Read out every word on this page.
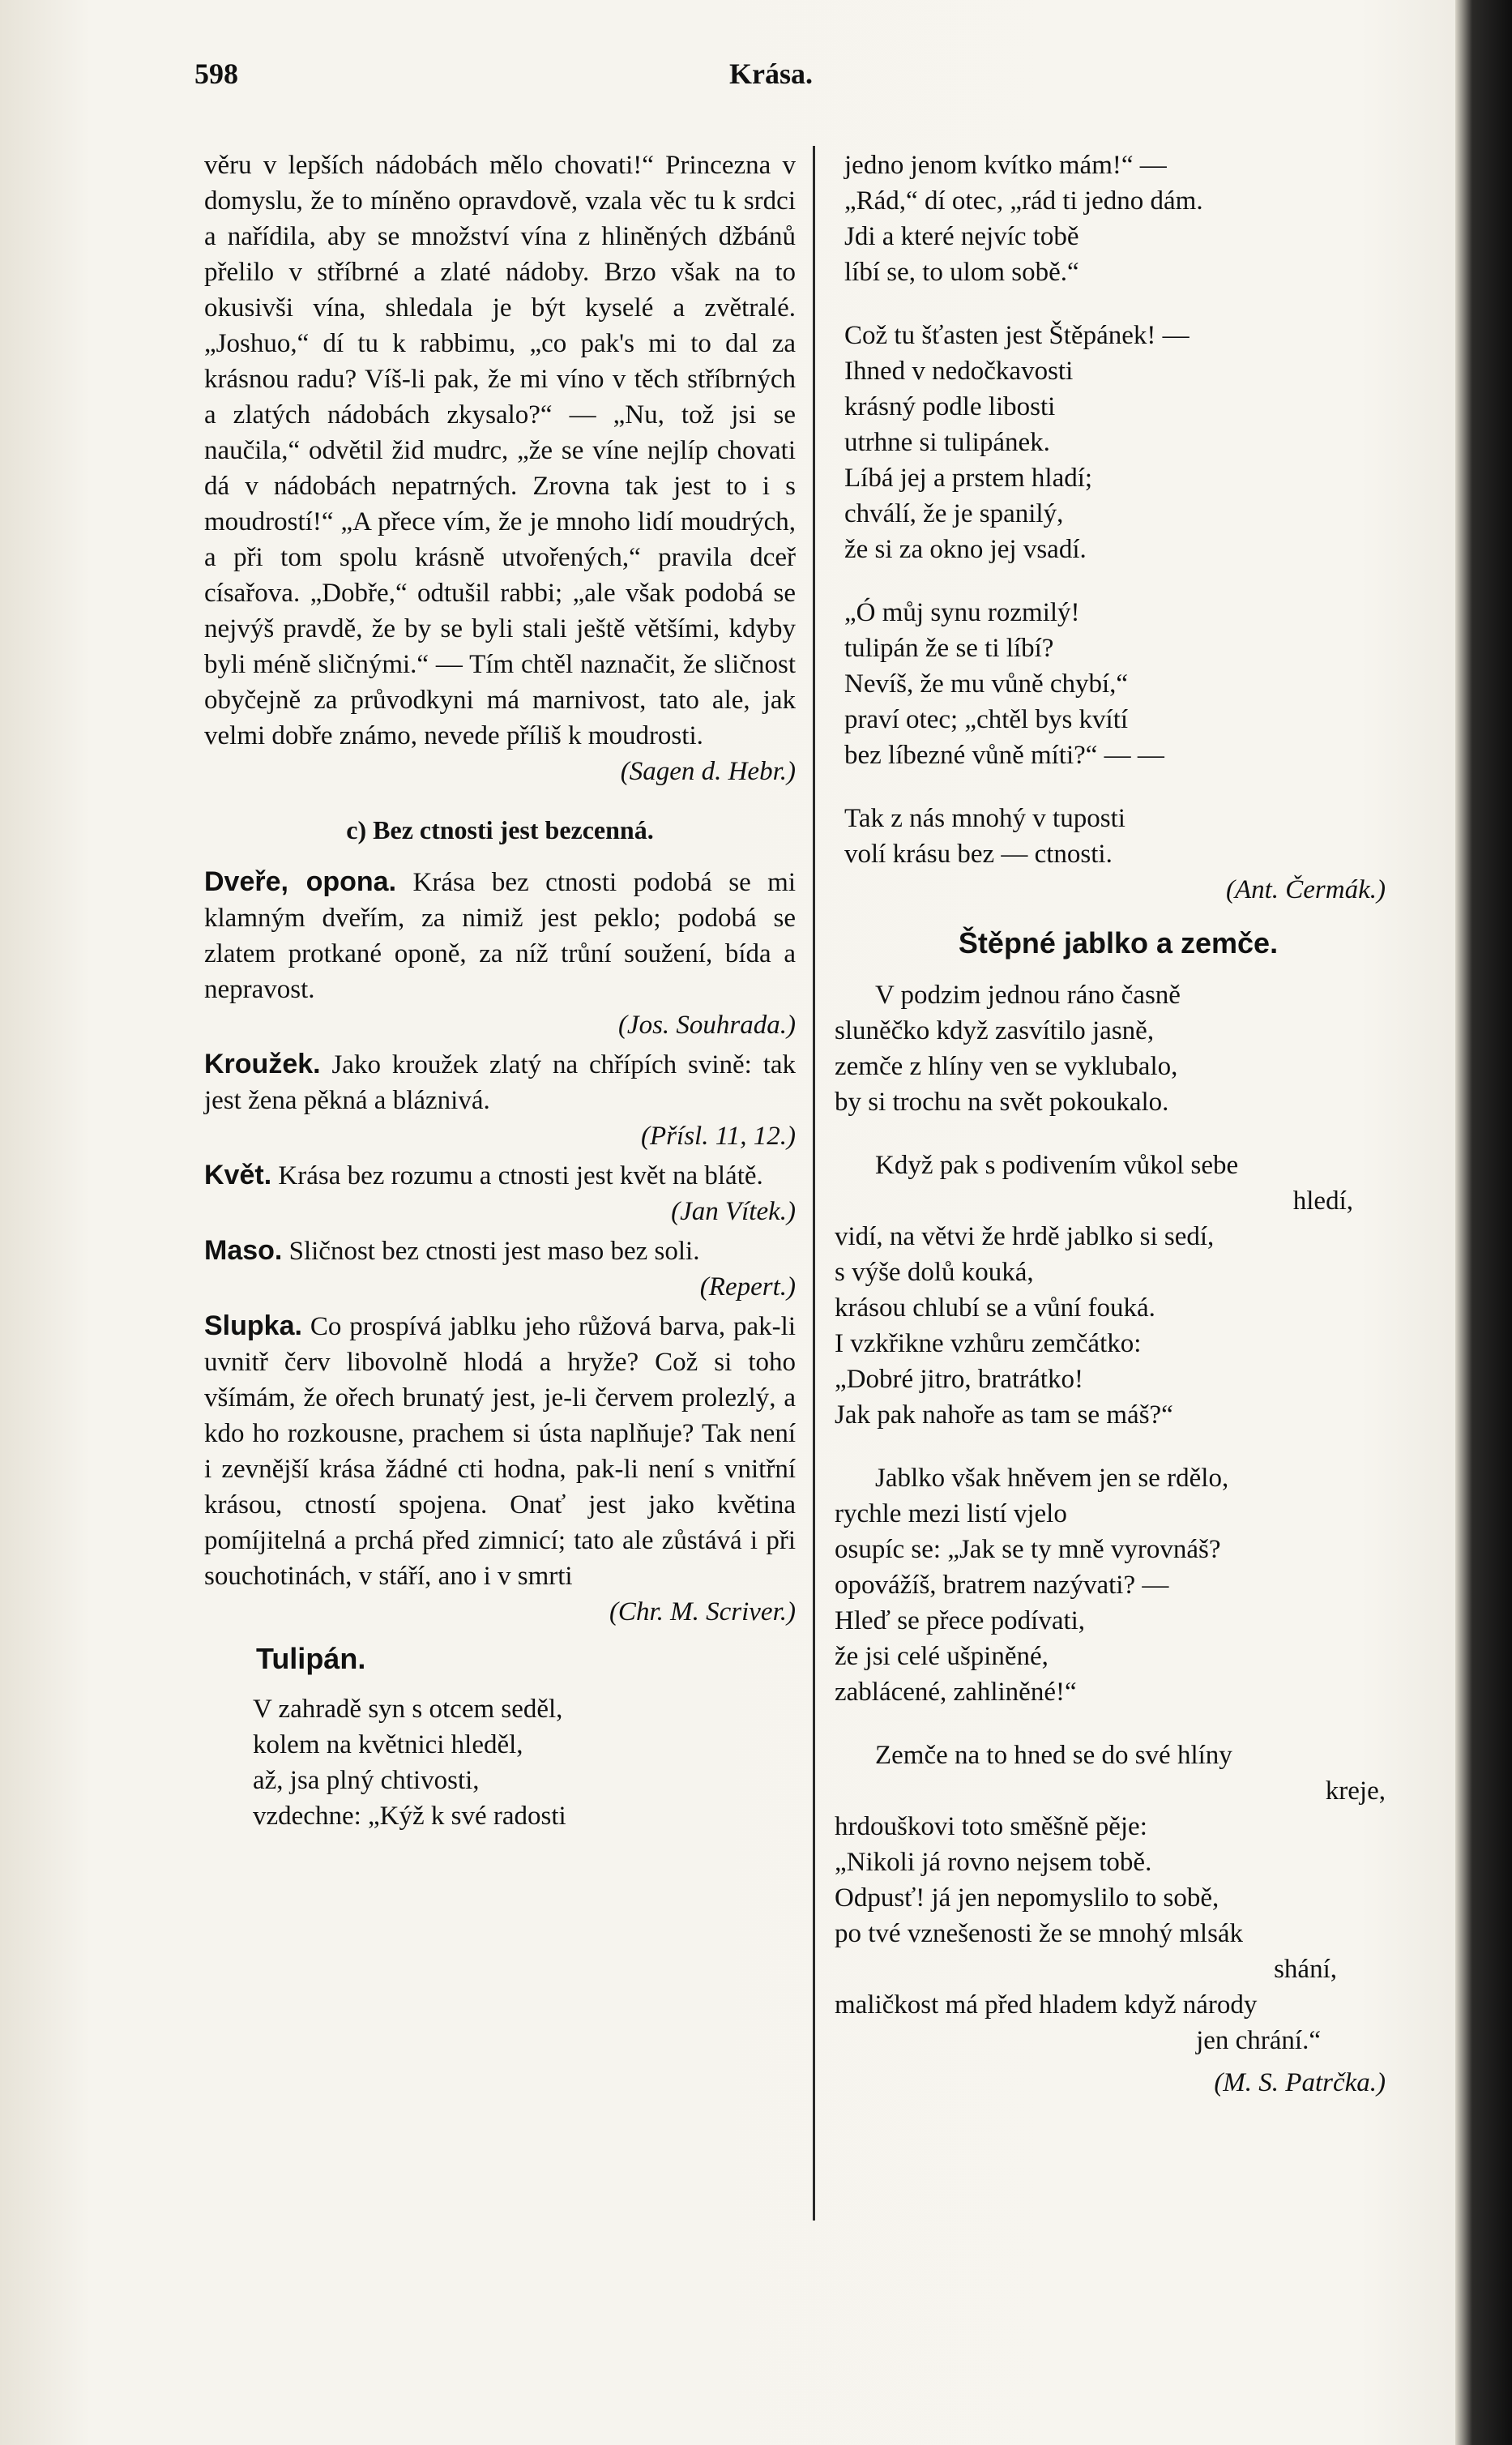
598	Krása.

věru v lepších nádobách mělo chovati!“ Princezna v domyslu, že to míněno opravdově, vzala věc tu k srdci a nařídila, aby se množství vína z hliněných džbánů přelilo v stříbrné a zlaté nádoby. Brzo však na to okusivši vína, shledala je být kyselé a zvětralé. „Joshuo,“ dí tu k rabbimu, „co pak's mi to dal za krásnou radu? Víš-li pak, že mi víno v těch stříbrných a zlatých nádobách zkysalo?“ — „Nu, tož jsi se naučila,“ odvětil žid mudrc, „že se víne nejlíp chovati dá v nádobách nepatrných. Zrovna tak jest to i s moudrostí!“ „A přece vím, že je mnoho lidí moudrých, a při tom spolu krásně utvořených,“ pravila dceř císařova. „Dobře,“ odtušil rabbi; „ale však podobá se nejvýš pravdě, že by se byli stali ještě většími, kdyby byli méně sličnými.“ — Tím chtěl naznačit, že sličnost obyčejně za průvodkyni má marnivost, tato ale, jak velmi dobře známo, nevede příliš k moudrosti.

(Sagen d. Hebr.)

c) Bez ctnosti jest bezcenná.

Dveře, opona. Krása bez ctnosti podobá se mi klamným dveřím, za nimiž jest peklo; podobá se zlatem protkané oponě, za níž trůní soužení, bída a nepravost.

(Jos. Souhrada.)

Kroužek. Jako kroužek zlatý na chřípích svině: tak jest žena pěkná a bláznivá.

(Přísl. 11, 12.)

Květ. Krása bez rozumu a ctnosti jest květ na blátě.

(Jan Vítek.)

Maso. Sličnost bez ctnosti jest maso bez soli.

(Repert.)

Slupka. Co prospívá jablku jeho růžová barva, pak-li uvnitř červ libovolně hlodá a hryže? Což si toho všímám, že ořech brunatý jest, je-li červem prolezlý, a kdo ho rozkousne, prachem si ústa naplňuje? Tak není i zevnější krása žádné cti hodna, pak-li není s vnitřní krásou, ctností spojena. Onať jest jako květina pomíjitelná a prchá před zimnicí; tato ale zůstává i při souchotinách, v stáří, ano i v smrti

(Chr. M. Scriver.)

Tulipán.

V zahradě syn s otcem seděl,
kolem na květnici hleděl,
až, jsa plný chtivosti,
vzdechne: „Kýž k své radosti
jedno jenom kvítko mám!“ —
„Rád,“ dí otec, „rád ti jedno dám.
Jdi a které nejvíc tobě
líbí se, to ulom sobě.“
Což tu šťasten jest Štěpánek! —
Ihned v nedočkavosti
krásný podle libosti
utrhne si tulipánek.
Líbá jej a prstem hladí;
chválí, že je spanilý,
že si za okno jej vsadí.
„Ó můj synu rozmilý!
tulipán že se ti líbí?
Nevíš, že mu vůně chybí,“
praví otec; „chtěl bys kvítí
bez líbezné vůně míti?“ — —
Tak z nás mnohý v tuposti
volí krásu bez — ctnosti.

(Ant. Čermák.)

Štěpné jablko a zemče.

V podzim jednou ráno časně
sluněčko když zasvítilo jasně,
zemče z hlíny ven se vyklubalo,
by si trochu na svět pokoukalo.
Když pak s podivením vůkol sebe
hledí,
vidí, na větvi že hrdě jablko si sedí,
s výše dolů kouká,
krásou chlubí se a vůní fouká.
I vzkřikne vzhůru zemčátko:
„Dobré jitro, bratrátko!
Jak pak nahoře as tam se máš?“
Jablko však hněvem jen se rdělo,
rychle mezi listí vjelo
osupíc se: „Jak se ty mně vyrovnáš?
opovážíš, bratrem nazývati? —
Hleď se přece podívati,
že jsi celé ušpiněné,
zablácené, zahliněné!“
Zemče na to hned se do své hlíny
kreje,
hrdouškovi toto směšně pěje:
„Nikoli já rovno nejsem tobě.
Odpusť! já jen nepomyslilo to sobě,
po tvé vznešenosti že se mnohý mlsák
shání,
maličkost má před hladem když národy
jen chrání.“

(M. S. Patrčka.)
